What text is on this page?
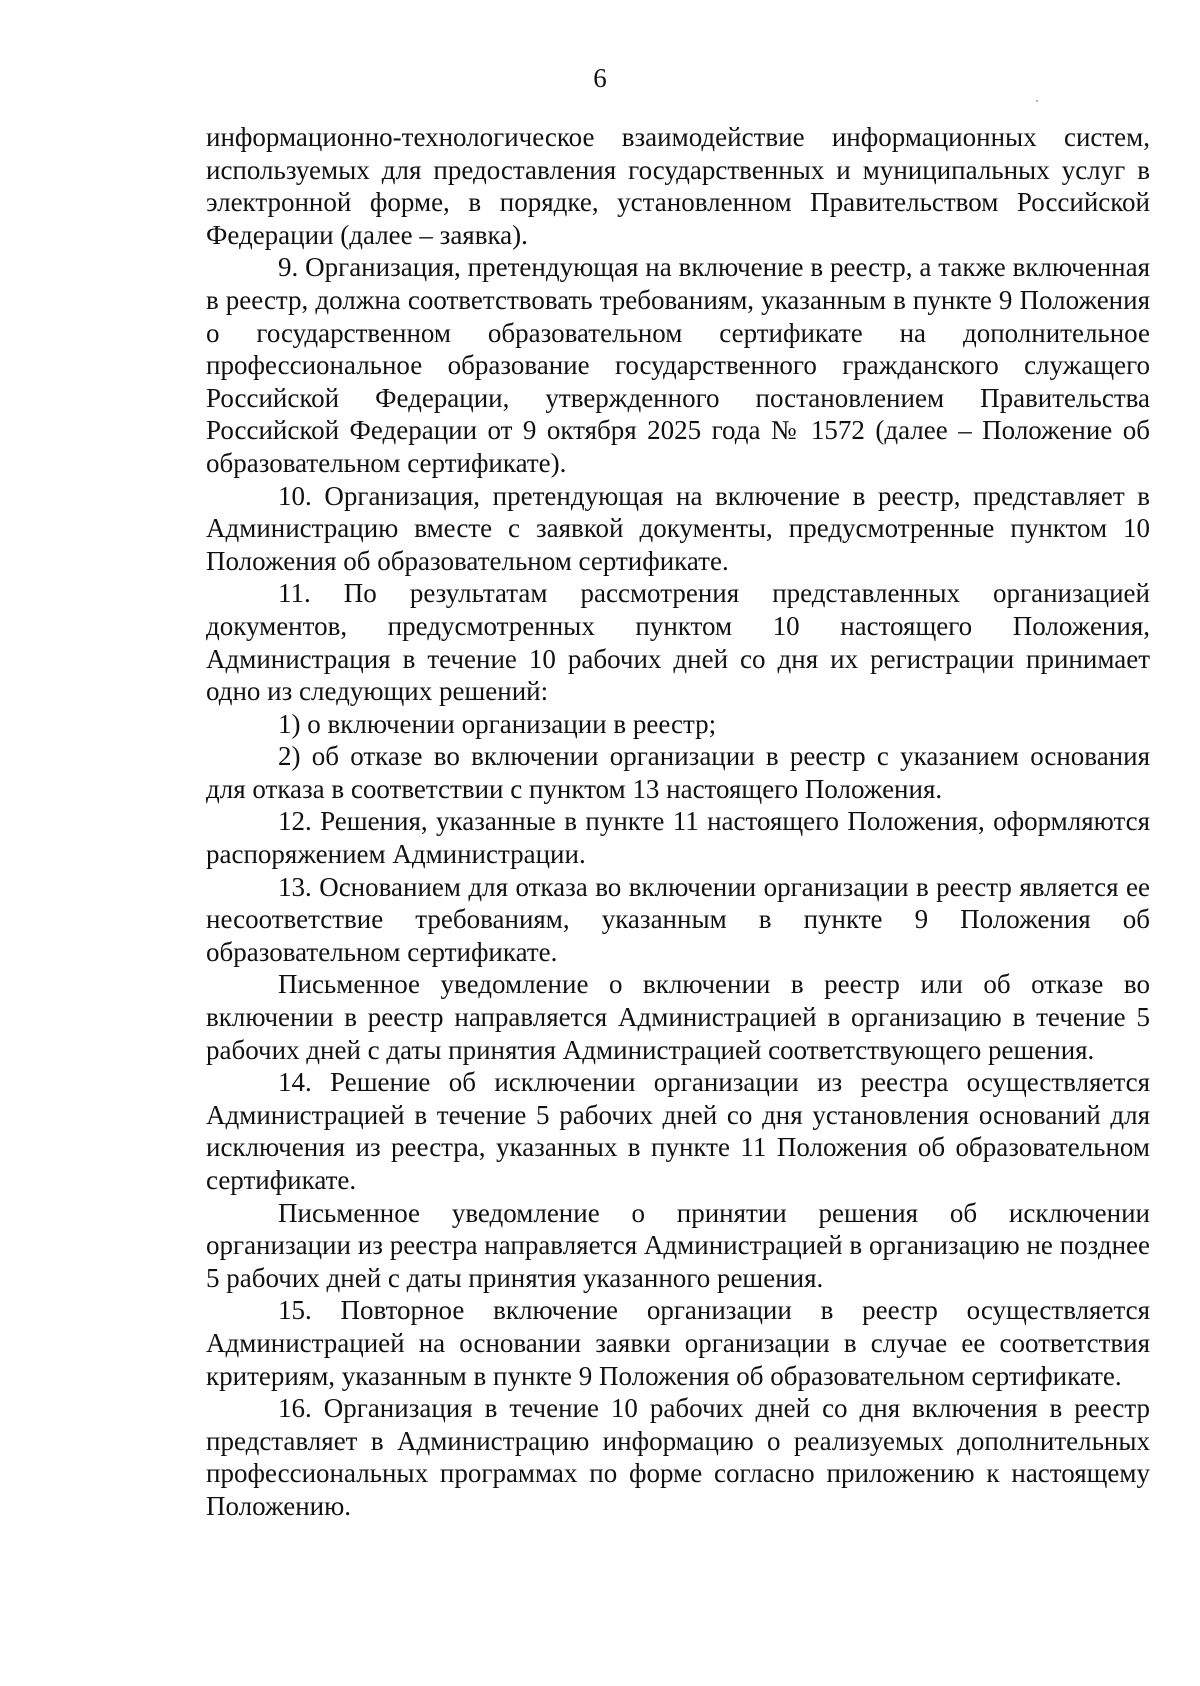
6

информационно-технологическое взаимодействие информационных систем, используемых для предоставления государственных и муниципальных услуг в электронной форме, в порядке, установленном Правительством Российской Федерации (далее – заявка).

9. Организация, претендующая на включение в реестр, а также включенная в реестр, должна соответствовать требованиям, указанным в пункте 9 Положения о государственном образовательном сертификате на дополнительное профессиональное образование государственного гражданского служащего Российской Федерации, утвержденного постановлением Правительства Российской Федерации от 9 октября 2025 года № 1572 (далее – Положение об образовательном сертификате).

10. Организация, претендующая на включение в реестр, представляет в Администрацию вместе с заявкой документы, предусмотренные пунктом 10 Положения об образовательном сертификате.

11. По результатам рассмотрения представленных организацией документов, предусмотренных пунктом 10 настоящего Положения, Администрация в течение 10 рабочих дней со дня их регистрации принимает одно из следующих решений:

1) о включении организации в реестр;

2) об отказе во включении организации в реестр с указанием основания для отказа в соответствии с пунктом 13 настоящего Положения.

12. Решения, указанные в пункте 11 настоящего Положения, оформляются распоряжением Администрации.

13. Основанием для отказа во включении организации в реестр является ее несоответствие требованиям, указанным в пункте 9 Положения об образовательном сертификате.

Письменное уведомление о включении в реестр или об отказе во включении в реестр направляется Администрацией в организацию в течение 5 рабочих дней с даты принятия Администрацией соответствующего решения.

14. Решение об исключении организации из реестра осуществляется Администрацией в течение 5 рабочих дней со дня установления оснований для исключения из реестра, указанных в пункте 11 Положения об образовательном сертификате.

Письменное уведомление о принятии решения об исключении организации из реестра направляется Администрацией в организацию не позднее 5 рабочих дней с даты принятия указанного решения.

15. Повторное включение организации в реестр осуществляется Администрацией на основании заявки организации в случае ее соответствия критериям, указанным в пункте 9 Положения об образовательном сертификате.

16. Организация в течение 10 рабочих дней со дня включения в реестр представляет в Администрацию информацию о реализуемых дополнительных профессиональных программах по форме согласно приложению к настоящему Положению.
